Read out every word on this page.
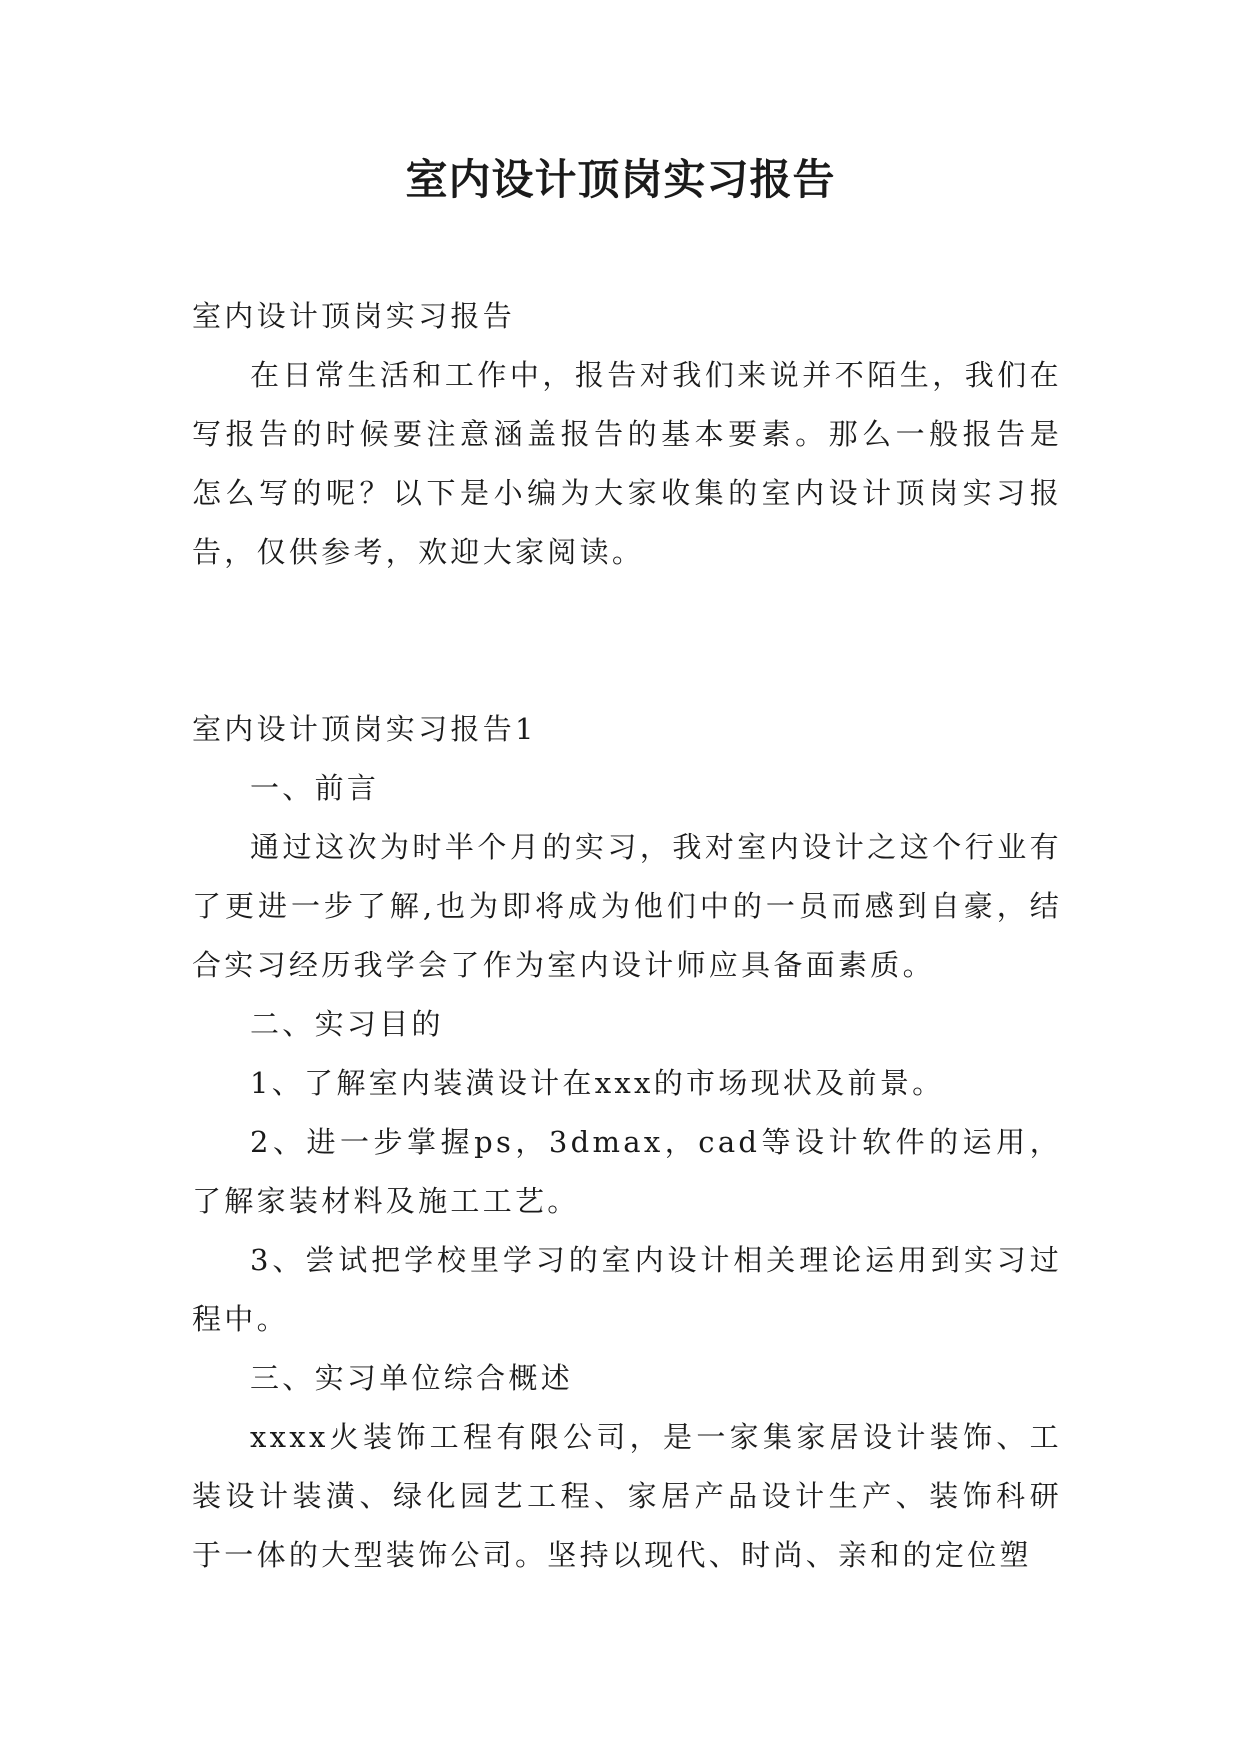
室内设计顶岗实习报告

室内设计顶岗实习报告

在日常生活和工作中，报告对我们来说并不陌生，我们在写报告的时候要注意涵盖报告的基本要素。那么一般报告是怎么写的呢？以下是小编为大家收集的室内设计顶岗实习报告，仅供参考，欢迎大家阅读。

室内设计顶岗实习报告1

一、前言

通过这次为时半个月的实习，我对室内设计之这个行业有了更进一步了解,也为即将成为他们中的一员而感到自豪，结合实习经历我学会了作为室内设计师应具备面素质。

二、实习目的

1、了解室内装潢设计在xxx的市场现状及前景。

2、进一步掌握ps，3dmax，cad等设计软件的运用，了解家装材料及施工工艺。

3、尝试把学校里学习的室内设计相关理论运用到实习过程中。

三、实习单位综合概述

xxxx火装饰工程有限公司，是一家集家居设计装饰、工装设计装潢、绿化园艺工程、家居产品设计生产、装饰科研于一体的大型装饰公司。坚持以现代、时尚、亲和的定位塑
